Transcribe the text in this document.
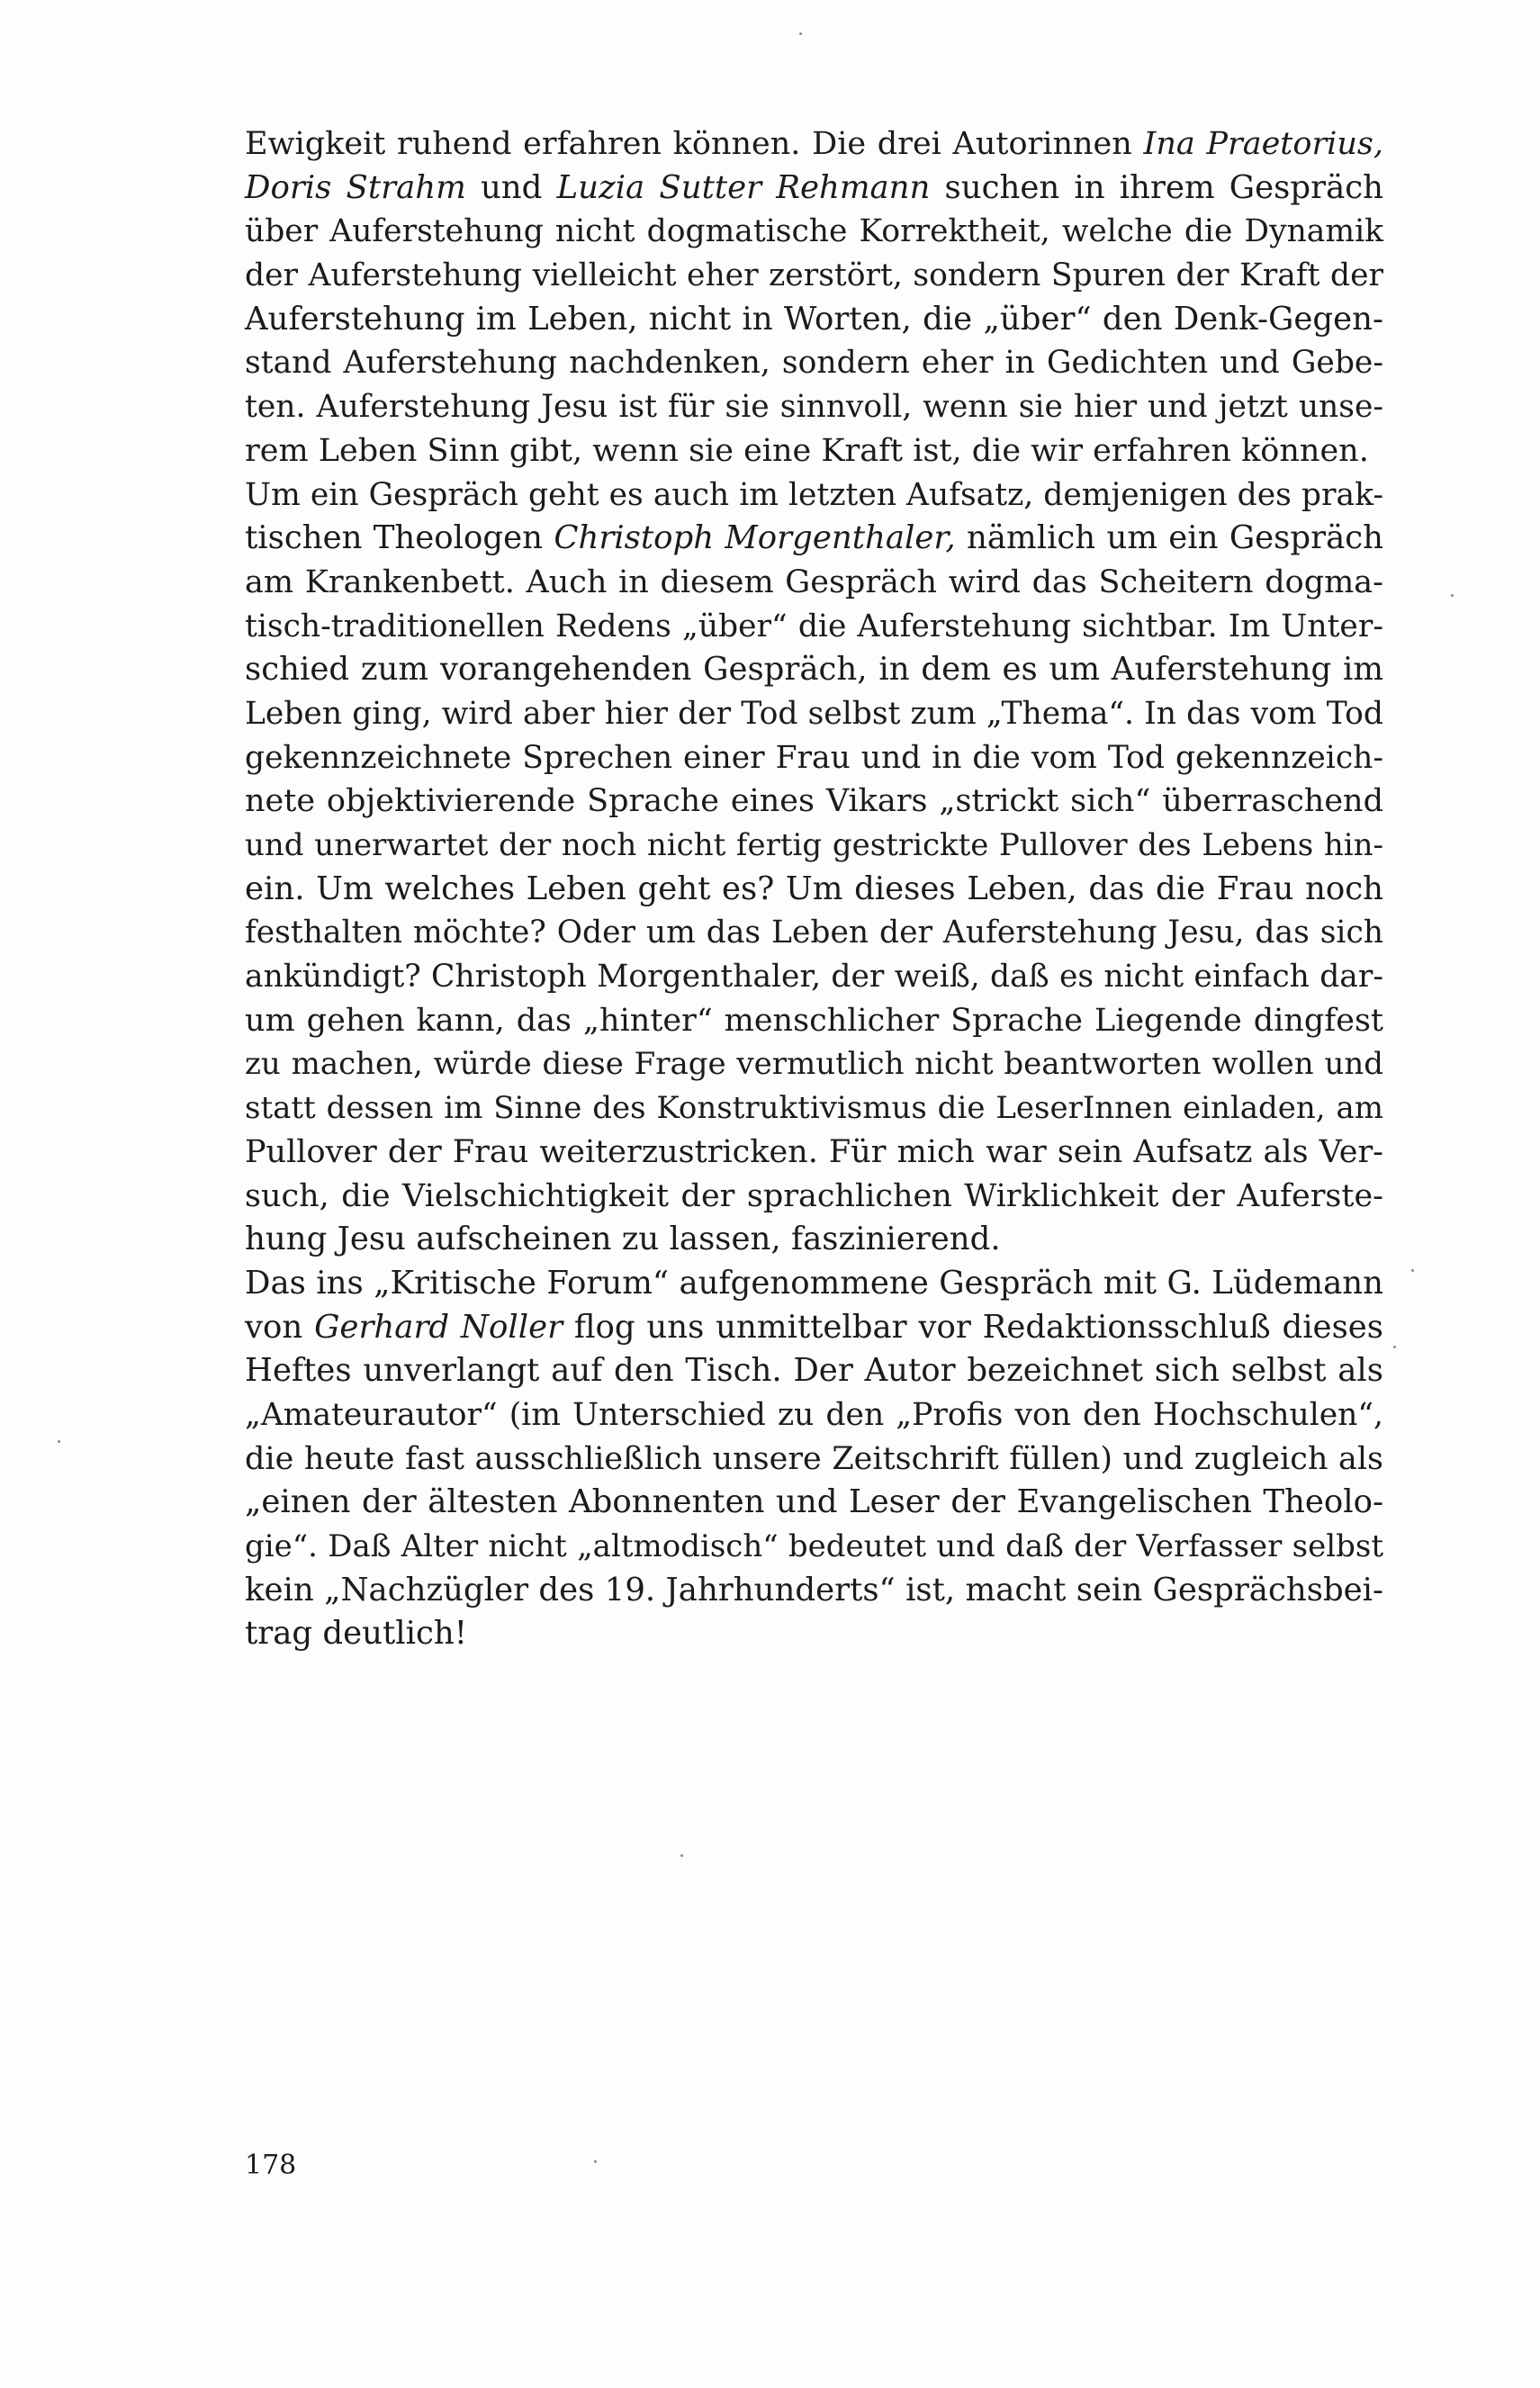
Ewigkeit ruhend erfahren können. Die drei Autorinnen Ina Praetorius,
Doris Strahm und Luzia Sutter Rehmann suchen in ihrem Gespräch
über Auferstehung nicht dogmatische Korrektheit, welche die Dynamik
der Auferstehung vielleicht eher zerstört, sondern Spuren der Kraft der
Auferstehung im Leben, nicht in Worten, die „über“ den Denk-Gegen-
stand Auferstehung nachdenken, sondern eher in Gedichten und Gebe-
ten. Auferstehung Jesu ist für sie sinnvoll, wenn sie hier und jetzt unse-
rem Leben Sinn gibt, wenn sie eine Kraft ist, die wir erfahren können.
Um ein Gespräch geht es auch im letzten Aufsatz, demjenigen des prak-
tischen Theologen Christoph Morgenthaler, nämlich um ein Gespräch
am Krankenbett. Auch in diesem Gespräch wird das Scheitern dogma-
tisch-traditionellen Redens „über“ die Auferstehung sichtbar. Im Unter-
schied zum vorangehenden Gespräch, in dem es um Auferstehung im
Leben ging, wird aber hier der Tod selbst zum „Thema“. In das vom Tod
gekennzeichnete Sprechen einer Frau und in die vom Tod gekennzeich-
nete objektivierende Sprache eines Vikars „strickt sich“ überraschend
und unerwartet der noch nicht fertig gestrickte Pullover des Lebens hin-
ein. Um welches Leben geht es? Um dieses Leben, das die Frau noch
festhalten möchte? Oder um das Leben der Auferstehung Jesu, das sich
ankündigt? Christoph Morgenthaler, der weiß, daß es nicht einfach dar-
um gehen kann, das „hinter“ menschlicher Sprache Liegende dingfest
zu machen, würde diese Frage vermutlich nicht beantworten wollen und
statt dessen im Sinne des Konstruktivismus die LeserInnen einladen, am
Pullover der Frau weiterzustricken. Für mich war sein Aufsatz als Ver-
such, die Vielschichtigkeit der sprachlichen Wirklichkeit der Auferste-
hung Jesu aufscheinen zu lassen, faszinierend.
Das ins „Kritische Forum“ aufgenommene Gespräch mit G. Lüdemann
von Gerhard Noller flog uns unmittelbar vor Redaktionsschluß dieses
Heftes unverlangt auf den Tisch. Der Autor bezeichnet sich selbst als
„Amateurautor“ (im Unterschied zu den „Profis von den Hochschulen“,
die heute fast ausschließlich unsere Zeitschrift füllen) und zugleich als
„einen der ältesten Abonnenten und Leser der Evangelischen Theolo-
gie“. Daß Alter nicht „altmodisch“ bedeutet und daß der Verfasser selbst
kein „Nachzügler des 19. Jahrhunderts“ ist, macht sein Gesprächsbei-
trag deutlich!
178
